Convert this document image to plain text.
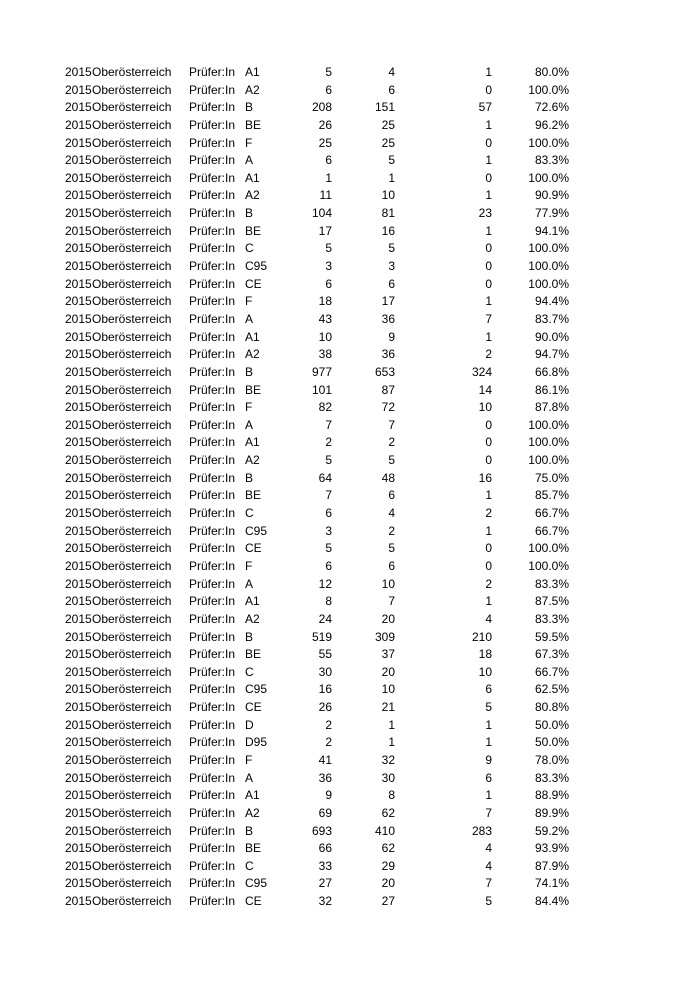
2015 Oberösterreich Prüfer:In A1	5	4	1	80.0%
2015 Oberösterreich Prüfer:In A2	6	6	0	100.0%
2015 Oberösterreich Prüfer:In B	208	151	57	72.6%
2015 Oberösterreich Prüfer:In BE	26	25	1	96.2%
2015 Oberösterreich Prüfer:In F	25	25	0	100.0%
2015 Oberösterreich Prüfer:In A	6	5	1	83.3%
2015 Oberösterreich Prüfer:In A1	1	1	0	100.0%
2015 Oberösterreich Prüfer:In A2	11	10	1	90.9%
2015 Oberösterreich Prüfer:In B	104	81	23	77.9%
2015 Oberösterreich Prüfer:In BE	17	16	1	94.1%
2015 Oberösterreich Prüfer:In C	5	5	0	100.0%
2015 Oberösterreich Prüfer:In C95	3	3	0	100.0%
2015 Oberösterreich Prüfer:In CE	6	6	0	100.0%
2015 Oberösterreich Prüfer:In F	18	17	1	94.4%
2015 Oberösterreich Prüfer:In A	43	36	7	83.7%
2015 Oberösterreich Prüfer:In A1	10	9	1	90.0%
2015 Oberösterreich Prüfer:In A2	38	36	2	94.7%
2015 Oberösterreich Prüfer:In B	977	653	324	66.8%
2015 Oberösterreich Prüfer:In BE	101	87	14	86.1%
2015 Oberösterreich Prüfer:In F	82	72	10	87.8%
2015 Oberösterreich Prüfer:In A	7	7	0	100.0%
2015 Oberösterreich Prüfer:In A1	2	2	0	100.0%
2015 Oberösterreich Prüfer:In A2	5	5	0	100.0%
2015 Oberösterreich Prüfer:In B	64	48	16	75.0%
2015 Oberösterreich Prüfer:In BE	7	6	1	85.7%
2015 Oberösterreich Prüfer:In C	6	4	2	66.7%
2015 Oberösterreich Prüfer:In C95	3	2	1	66.7%
2015 Oberösterreich Prüfer:In CE	5	5	0	100.0%
2015 Oberösterreich Prüfer:In F	6	6	0	100.0%
2015 Oberösterreich Prüfer:In A	12	10	2	83.3%
2015 Oberösterreich Prüfer:In A1	8	7	1	87.5%
2015 Oberösterreich Prüfer:In A2	24	20	4	83.3%
2015 Oberösterreich Prüfer:In B	519	309	210	59.5%
2015 Oberösterreich Prüfer:In BE	55	37	18	67.3%
2015 Oberösterreich Prüfer:In C	30	20	10	66.7%
2015 Oberösterreich Prüfer:In C95	16	10	6	62.5%
2015 Oberösterreich Prüfer:In CE	26	21	5	80.8%
2015 Oberösterreich Prüfer:In D	2	1	1	50.0%
2015 Oberösterreich Prüfer:In D95	2	1	1	50.0%
2015 Oberösterreich Prüfer:In F	41	32	9	78.0%
2015 Oberösterreich Prüfer:In A	36	30	6	83.3%
2015 Oberösterreich Prüfer:In A1	9	8	1	88.9%
2015 Oberösterreich Prüfer:In A2	69	62	7	89.9%
2015 Oberösterreich Prüfer:In B	693	410	283	59.2%
2015 Oberösterreich Prüfer:In BE	66	62	4	93.9%
2015 Oberösterreich Prüfer:In C	33	29	4	87.9%
2015 Oberösterreich Prüfer:In C95	27	20	7	74.1%
2015 Oberösterreich Prüfer:In CE	32	27	5	84.4%
